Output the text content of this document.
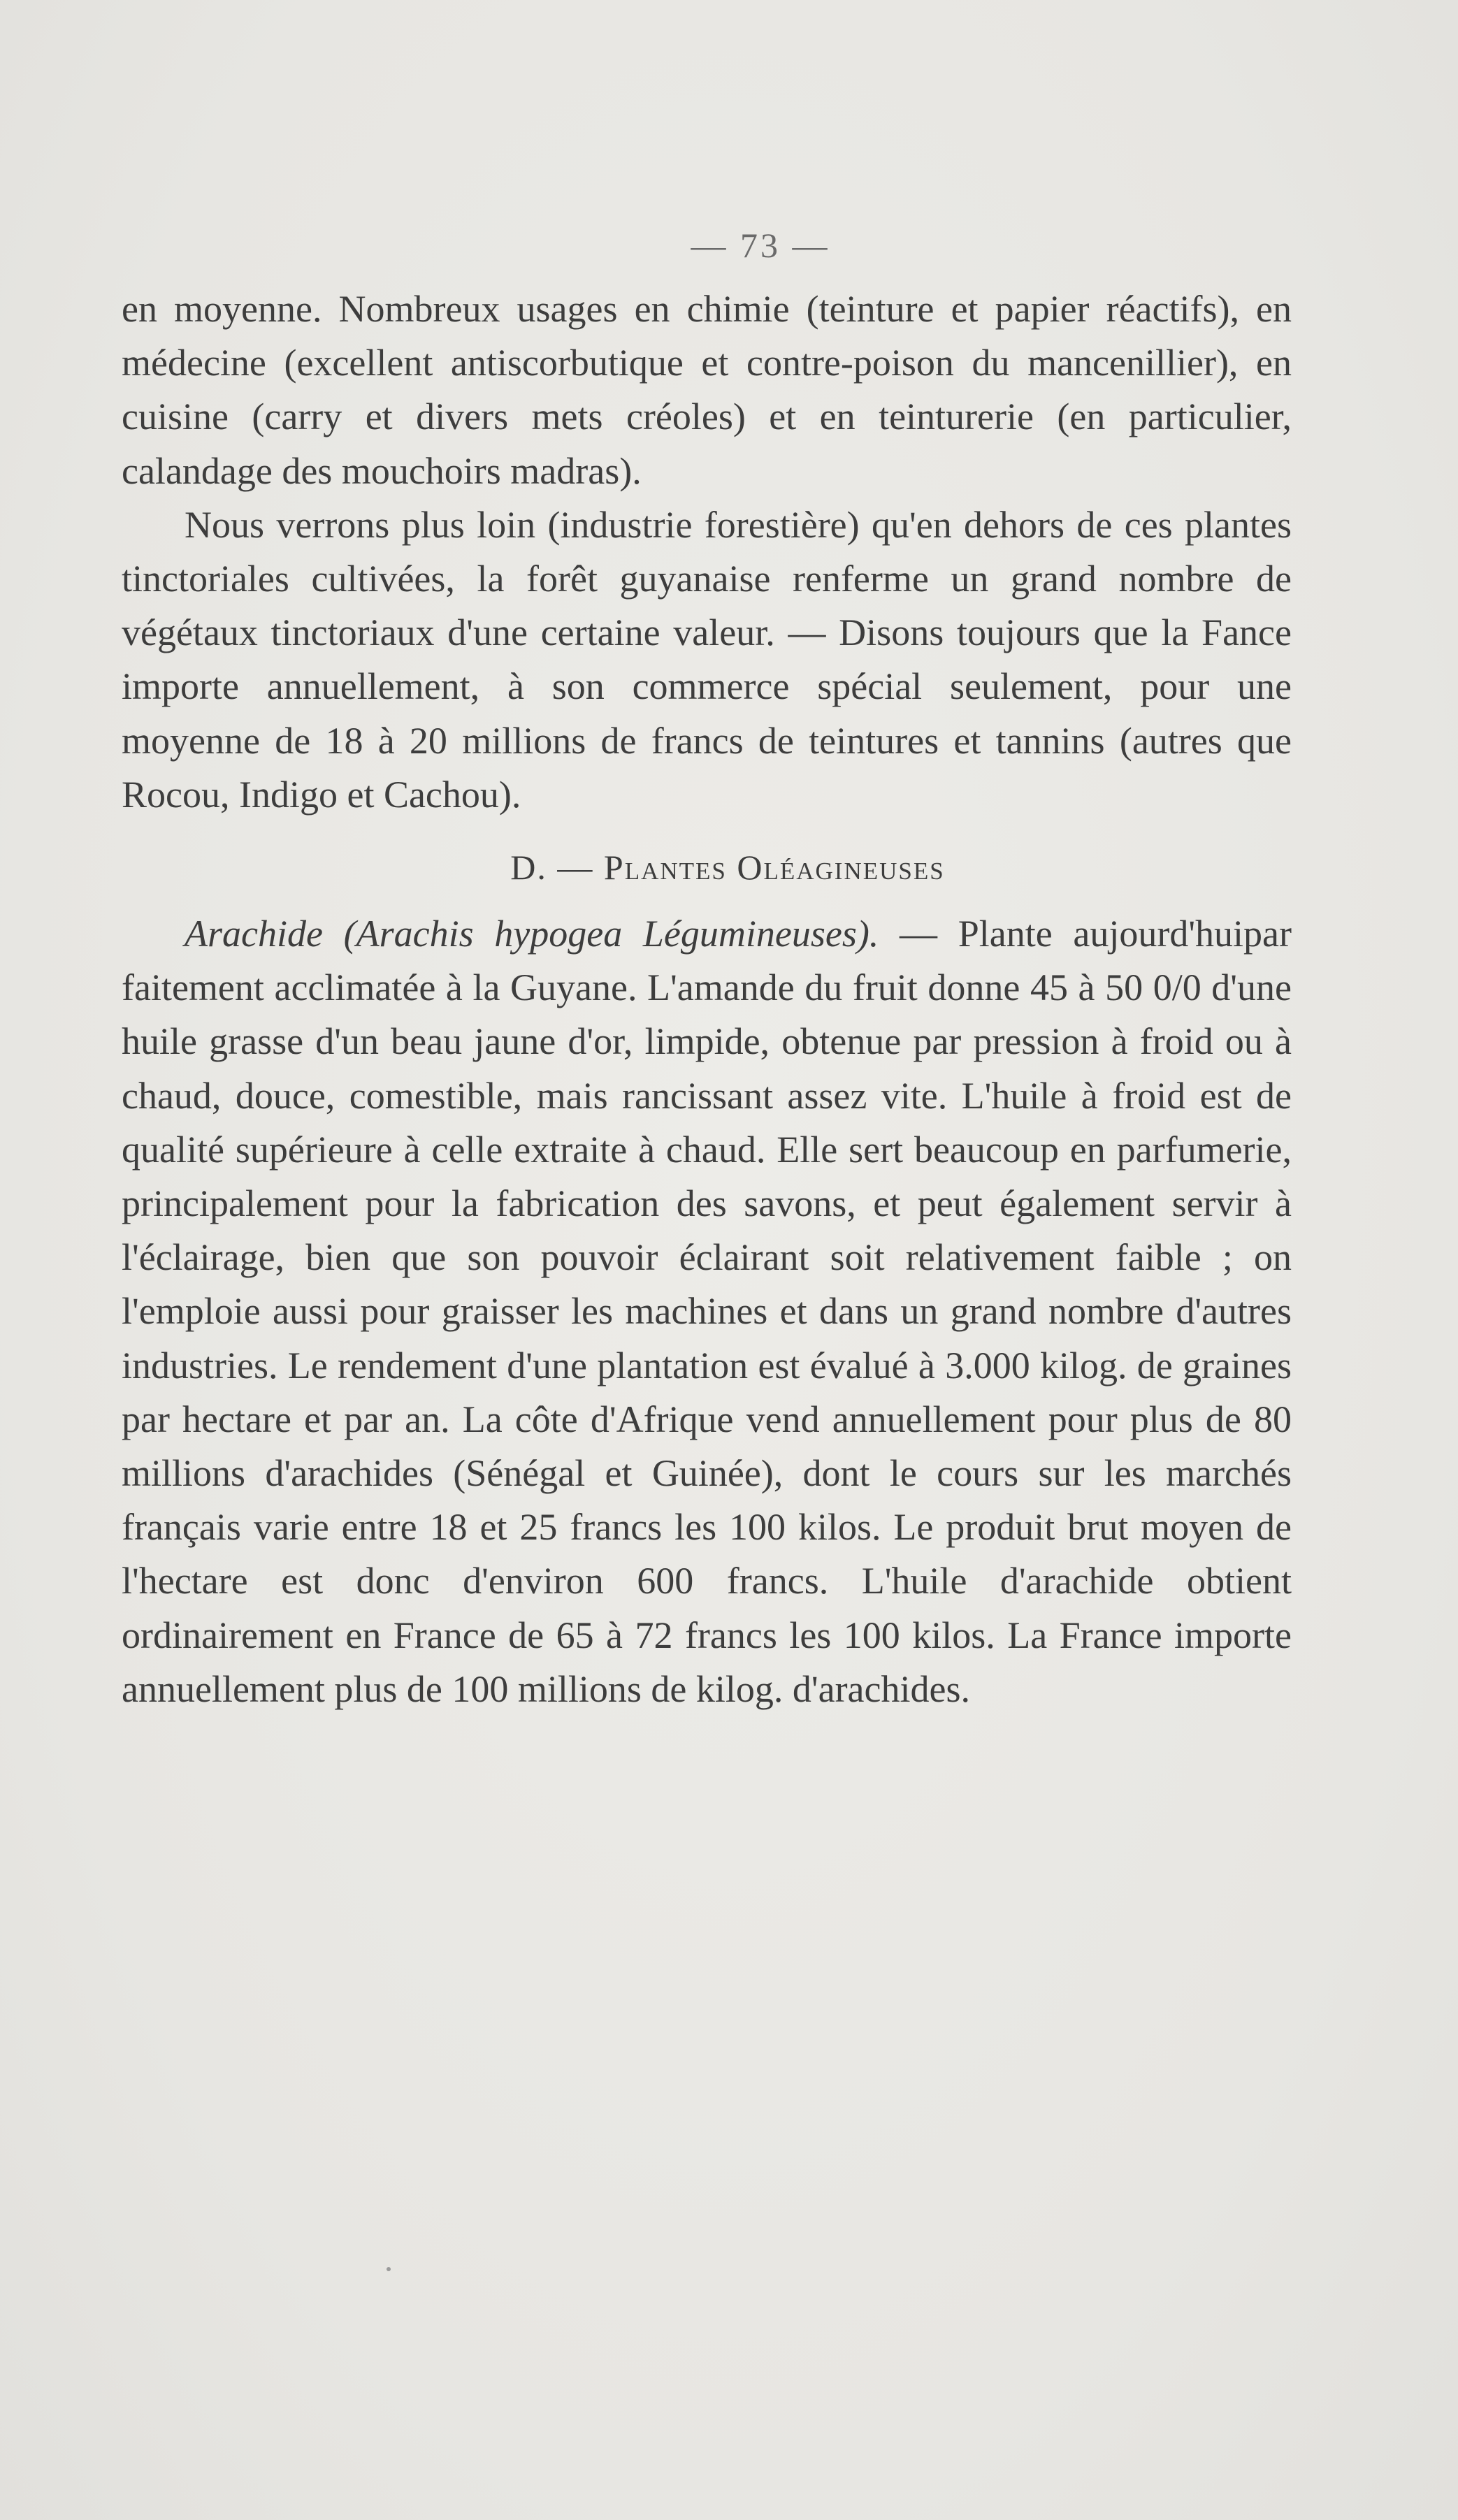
— 73 —

en moyenne. Nombreux usages en chimie (teinture et papier réactifs), en médecine (excellent antiscorbutique et contre-poison du mancenillier), en cuisine (carry et divers mets créoles) et en teinturerie (en particulier, calandage des mouchoirs madras).

Nous verrons plus loin (industrie forestière) qu'en dehors de ces plantes tinctoriales cultivées, la forêt guyanaise renferme un grand nombre de végétaux tinctoriaux d'une certaine valeur. — Disons toujours que la Fance importe annuellement, à son commerce spécial seulement, pour une moyenne de 18 à 20 millions de francs de teintures et tannins (autres que Rocou, Indigo et Cachou).

D. — Plantes Oléagineuses

Arachide (Arachis hypogea Légumineuses). — Plante aujourd'huipar faitement acclimatée à la Guyane. L'amande du fruit donne 45 à 50 0/0 d'une huile grasse d'un beau jaune d'or, limpide, obtenue par pression à froid ou à chaud, douce, comestible, mais rancissant assez vite. L'huile à froid est de qualité supérieure à celle extraite à chaud. Elle sert beaucoup en parfumerie, principalement pour la fabrication des savons, et peut également servir à l'éclairage, bien que son pouvoir éclairant soit relativement faible ; on l'emploie aussi pour graisser les machines et dans un grand nombre d'autres industries. Le rendement d'une plantation est évalué à 3.000 kilog. de graines par hectare et par an. La côte d'Afrique vend annuellement pour plus de 80 millions d'arachides (Sénégal et Guinée), dont le cours sur les marchés français varie entre 18 et 25 francs les 100 kilos. Le produit brut moyen de l'hectare est donc d'environ 600 francs. L'huile d'arachide obtient ordinairement en France de 65 à 72 francs les 100 kilos. La France importe annuellement plus de 100 millions de kilog. d'arachides.
